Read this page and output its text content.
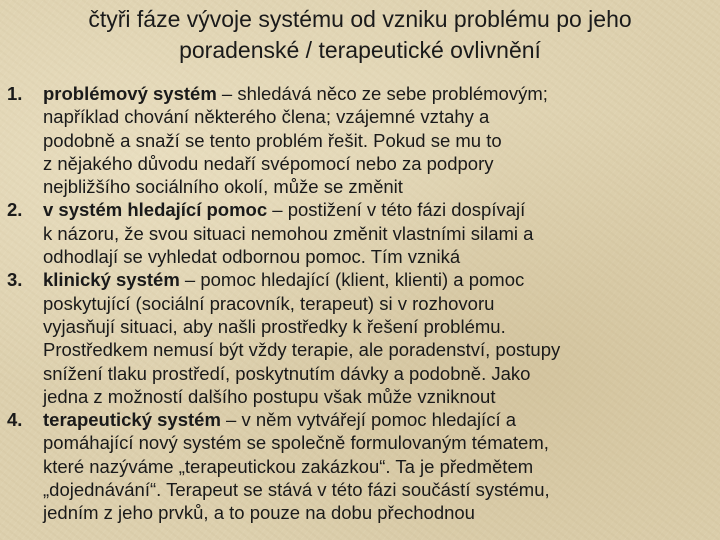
čtyři fáze vývoje systému od vzniku problému po jeho
poradenské / terapeutické ovlivnění
1. problémový systém – shledává něco ze sebe problémovým;
například chování některého člena; vzájemné vztahy a
podobně a snaží se tento problém řešit. Pokud se mu to
z nějakého důvodu nedaří svépomocí nebo za podpory
nejbližšího sociálního okolí, může se změnit
2. v systém hledající pomoc – postižení v této fázi dospívají
k názoru, že svou situaci nemohou změnit vlastními silami a
odhodlají se vyhledat odbornou pomoc. Tím vzniká
3. klinický systém – pomoc hledající (klient, klienti) a pomoc
poskytující (sociální pracovník, terapeut) si v rozhovoru
vyjasňují situaci, aby našli prostředky k řešení problému.
Prostředkem nemusí být vždy terapie, ale poradenství, postupy
snížení tlaku prostředí, poskytnutím dávky a podobně. Jako
jedna z možností dalšího postupu však může vzniknout
4. terapeutický systém – v něm vytvářejí pomoc hledající a
pomáhající nový systém se společně formulovaným tématem,
které nazýváme „terapeutickou zakázkou“. Ta je předmětem
„dojednávání“. Terapeut se stává v této fázi součástí systému,
jedním z jeho prvků, a to pouze na dobu přechodnou
